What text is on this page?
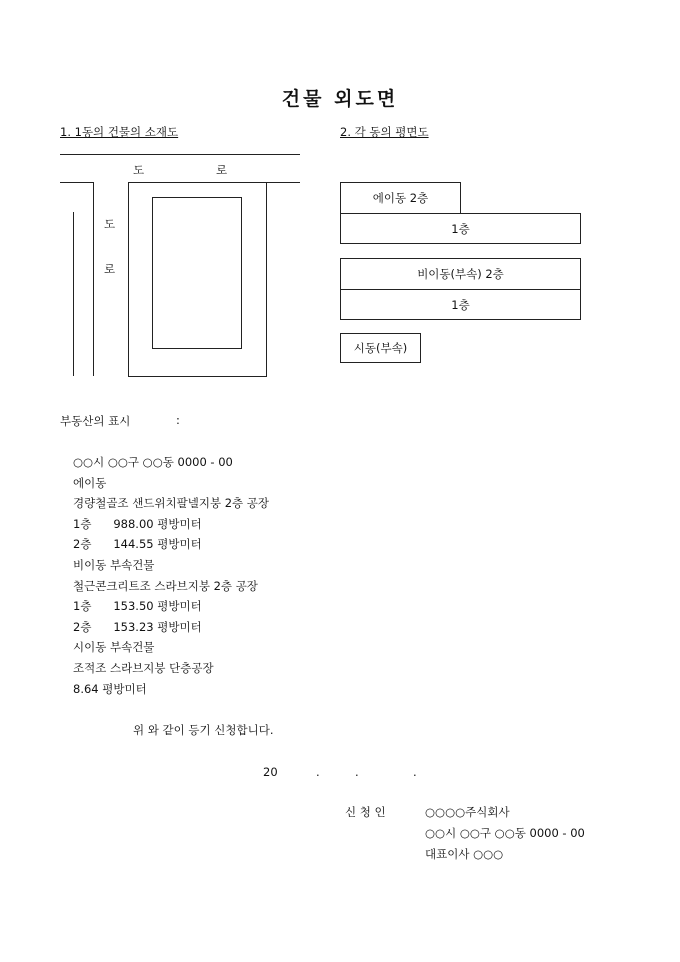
건물 외도면
1. 1동의 건물의 소재도	2. 각 동의 평면도
도	로
도
로
에이동 2층
1층
비이동(부속) 2층
1층
시동(부속)
부동산의 표시	:
○○시 ○○구 ○○동 0000 - 00
에이동
경량철골조 샌드위치팔넬지붕 2층 공장
1층      988.00 평방미터
2층      144.55 평방미터
비이동 부속건물
철근콘크리트조 스라브지붕 2층 공장
1층      153.50 평방미터
2층      153.23 평방미터
시이동 부속건물
조적조 스라브지붕 단층공장
8.64 평방미터
위 와 같이 등기 신청합니다.
20	.	.	.
신 청 인	○○○○주식회사
○○시 ○○구 ○○동 0000 - 00
대표이사 ○○○
